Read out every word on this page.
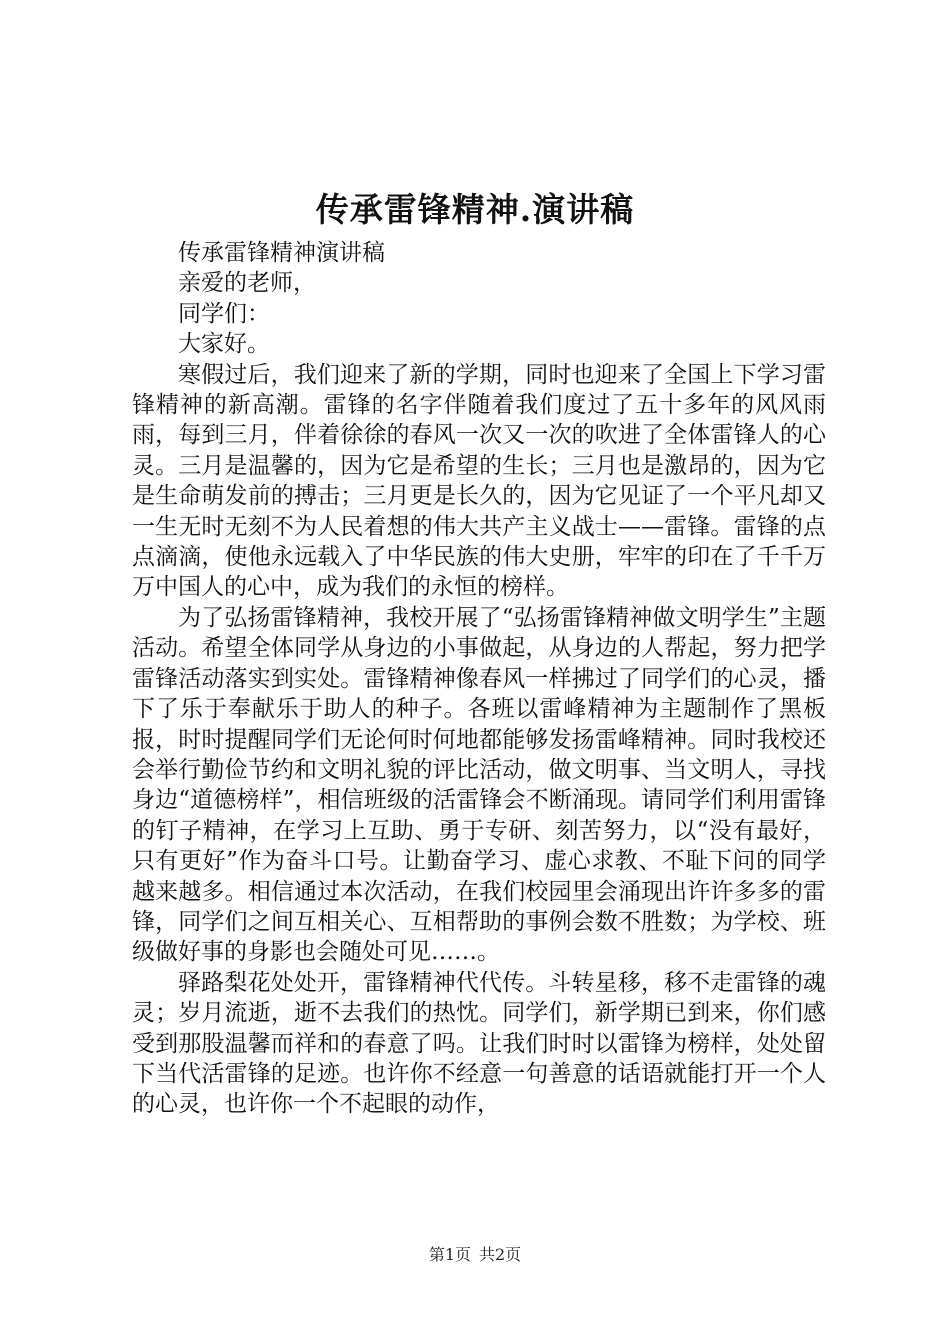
传承雷锋精神.演讲稿

传承雷锋精神演讲稿

亲爱的老师，

同学们：

大家好。

寒假过后，我们迎来了新的学期，同时也迎来了全国上下学习雷锋精神的新高潮。雷锋的名字伴随着我们度过了五十多年的风风雨雨，每到三月，伴着徐徐的春风一次又一次的吹进了全体雷锋人的心灵。三月是温馨的，因为它是希望的生长；三月也是激昂的，因为它是生命萌发前的搏击；三月更是长久的，因为它见证了一个平凡却又一生无时无刻不为人民着想的伟大共产主义战士——雷锋。雷锋的点点滴滴，使他永远载入了中华民族的伟大史册，牢牢的印在了千千万万中国人的心中，成为我们的永恒的榜样。

为了弘扬雷锋精神，我校开展了“弘扬雷锋精神做文明学生”主题活动。希望全体同学从身边的小事做起，从身边的人帮起，努力把学雷锋活动落实到实处。雷锋精神像春风一样拂过了同学们的心灵，播下了乐于奉献乐于助人的种子。各班以雷峰精神为主题制作了黑板报，时时提醒同学们无论何时何地都能够发扬雷峰精神。同时我校还会举行勤俭节约和文明礼貌的评比活动，做文明事、当文明人，寻找身边“道德榜样”，相信班级的活雷锋会不断涌现。请同学们利用雷锋的钉子精神，在学习上互助、勇于专研、刻苦努力，以“没有最好，只有更好”作为奋斗口号。让勤奋学习、虚心求教、不耻下问的同学越来越多。相信通过本次活动，在我们校园里会涌现出许许多多的雷锋，同学们之间互相关心、互相帮助的事例会数不胜数；为学校、班级做好事的身影也会随处可见……。

驿路梨花处处开，雷锋精神代代传。斗转星移，移不走雷锋的魂灵；岁月流逝，逝不去我们的热忱。同学们，新学期已到来，你们感受到那股温馨而祥和的春意了吗。让我们时时以雷锋为榜样，处处留下当代活雷锋的足迹。也许你不经意一句善意的话语就能打开一个人的心灵，也许你一个不起眼的动作，

第1页 共2页
